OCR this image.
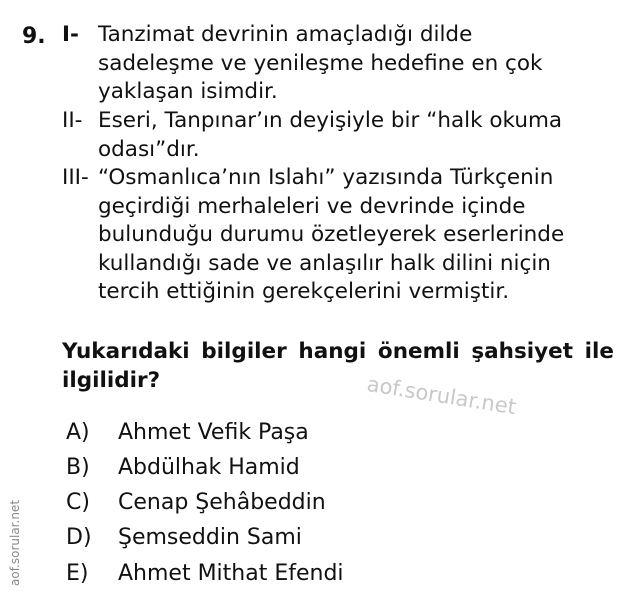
9. I- Tanzimat devrinin amaçladığı dilde
sadeleşme ve yenileşme hedefine en çok
yaklaşan isimdir.
II- Eseri, Tanpınar’ın deyişiyle bir “halk okuma
odası”dır.
III- “Osmanlıca’nın Islahı” yazısında Türkçenin
geçirdiği merhaleleri ve devrinde içinde
bulunduğu durumu özetleyerek eserlerinde
kullandığı sade ve anlaşılır halk dilini niçin
tercih ettiğinin gerekçelerini vermiştir.
Yukarıdaki bilgiler hangi önemli şahsiyet ile
ilgilidir?
A) Ahmet Vefik Paşa
B) Abdülhak Hamid
C) Cenap Şehâbeddin
D) Şemseddin Sami
E) Ahmet Mithat Efendi
aof.sorular.net
aof.sorular.net
